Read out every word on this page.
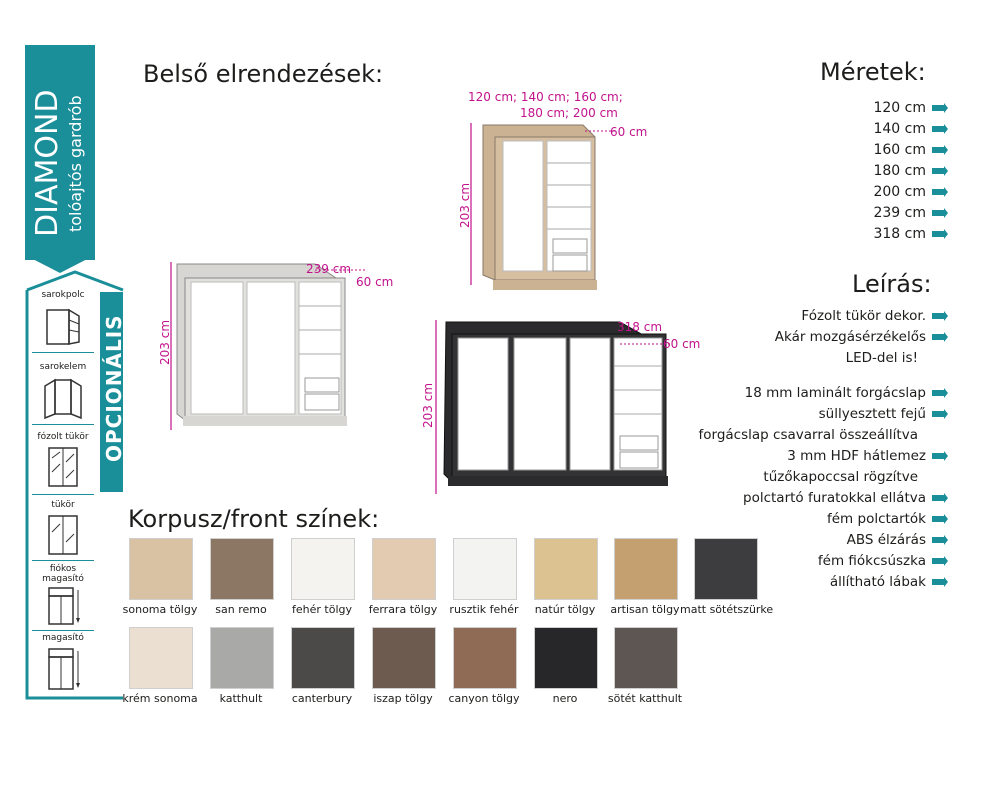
DIAMOND tolóajtós gardrób
OPCIONÁLIS
sarokpolc
sarokelem
fózolt tükör
tükör
fiókos
magasító
magasító
Belső elrendezések:	Méretek:
Leírás:
Korpusz/front színek:
120 cm; 140 cm; 160 cm;
180 cm; 200 cm
60 cm
203 cm
239 cm
60 cm
203 cm	318 cm
60 cm
203 cm
120 cm
140 cm
160 cm
180 cm
200 cm
239 cm
318 cm
Fózolt tükör dekor.
Akár mozgásérzékelős
LED-del is!
18 mm laminált forgácslap
süllyesztett fejű
forgácslap csavarral összeállítva
3 mm HDF hátlemez
tűzőkapoccsal rögzítve
polctartó furatokkal ellátva
fém polctartók
ABS élzárás
fém fiókcsúszka
állítható lábak
sonoma tölgy	san remo	fehér tölgy	ferrara tölgy	rusztik fehér	natúr tölgy	artisan tölgy matt sötétszürke
krém sonoma	katthult	canterbury	iszap tölgy	canyon tölgy	nero	sötét katthult
